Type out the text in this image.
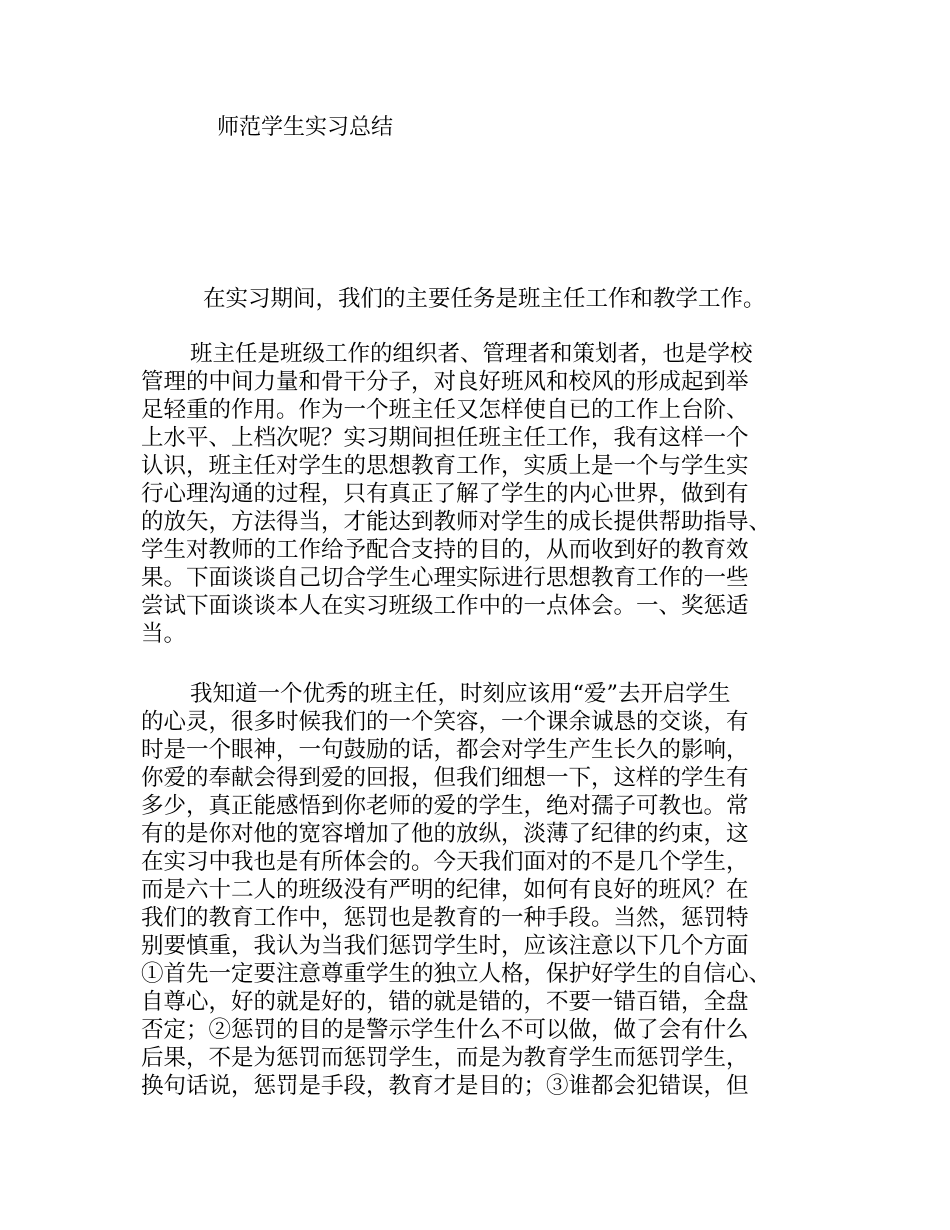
师范学生实习总结
在实习期间，我们的主要任务是班主任工作和教学工作。
班主任是班级工作的组织者、管理者和策划者，也是学校
管理的中间力量和骨干分子，对良好班风和校风的形成起到举
足轻重的作用。作为一个班主任又怎样使自已的工作上台阶、
上水平、上档次呢？实习期间担任班主任工作，我有这样一个
认识，班主任对学生的思想教育工作，实质上是一个与学生实
行心理沟通的过程，只有真正了解了学生的内心世界，做到有
的放矢，方法得当，才能达到教师对学生的成长提供帮助指导、
学生对教师的工作给予配合支持的目的，从而收到好的教育效
果。下面谈谈自己切合学生心理实际进行思想教育工作的一些
尝试下面谈谈本人在实习班级工作中的一点体会。一、奖惩适
当。
我知道一个优秀的班主任，时刻应该用“爱”去开启学生
的心灵，很多时候我们的一个笑容，一个课余诚恳的交谈，有
时是一个眼神，一句鼓励的话，都会对学生产生长久的影响，
你爱的奉献会得到爱的回报，但我们细想一下，这样的学生有
多少，真正能感悟到你老师的爱的学生，绝对孺子可教也。常
有的是你对他的宽容增加了他的放纵，淡薄了纪律的约束，这
在实习中我也是有所体会的。今天我们面对的不是几个学生，
而是六十二人的班级没有严明的纪律，如何有良好的班风？在
我们的教育工作中，惩罚也是教育的一种手段。当然，惩罚特
别要慎重，我认为当我们惩罚学生时，应该注意以下几个方面
①首先一定要注意尊重学生的独立人格，保护好学生的自信心、
自尊心，好的就是好的，错的就是错的，不要一错百错，全盘
否定；②惩罚的目的是警示学生什么不可以做，做了会有什么
后果，不是为惩罚而惩罚学生，而是为教育学生而惩罚学生，
换句话说，惩罚是手段，教育才是目的；③谁都会犯错误，但
